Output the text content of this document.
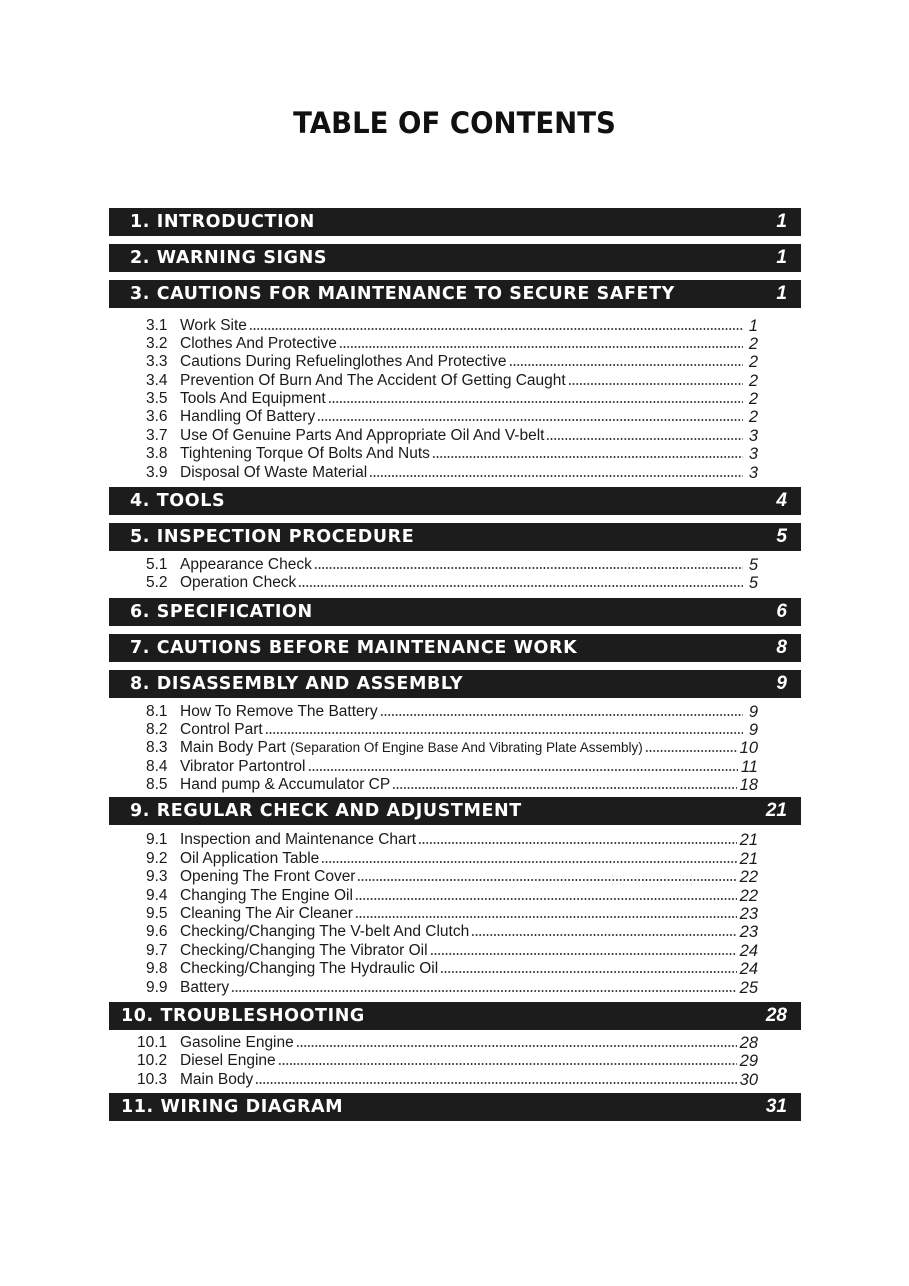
TABLE OF CONTENTS
1. INTRODUCTION	1
2. WARNING SIGNS	1
3. CAUTIONS FOR MAINTENANCE TO SECURE SAFETY	1
3.1 Work Site	1
3.2 Clothes And Protective	2
3.3 Cautions During Refuelinglothes And Protective	2
3.4 Prevention Of Burn And The Accident Of Getting Caught	2
3.5 Tools And Equipment	2
3.6 Handling Of Battery	2
3.7 Use Of Genuine Parts And Appropriate Oil And V-belt	3
3.8 Tightening Torque Of Bolts And Nuts	3
3.9 Disposal Of Waste Material	3
4. TOOLS	4
5. INSPECTION PROCEDURE	5
5.1 Appearance Check	5
5.2 Operation Check	5
6. SPECIFICATION	6
7. CAUTIONS BEFORE MAINTENANCE WORK	8
8. DISASSEMBLY AND ASSEMBLY	9
8.1 How To Remove The Battery	9
8.2 Control Part	9
8.3 Main Body Part (Separation Of Engine Base And Vibrating Plate Assembly)	10
8.4 Vibrator Partontrol	11
8.5 Hand pump & Accumulator CP	18
9. REGULAR CHECK AND ADJUSTMENT	21
9.1 Inspection and Maintenance Chart	21
9.2 Oil Application Table	21
9.3 Opening The Front Cover	22
9.4 Changing The Engine Oil	22
9.5 Cleaning The Air Cleaner	23
9.6 Checking/Changing The V-belt And Clutch	23
9.7 Checking/Changing The Vibrator Oil	24
9.8 Checking/Changing The Hydraulic Oil	24
9.9 Battery	25
10. TROUBLESHOOTING	28
10.1 Gasoline Engine	28
10.2 Diesel Engine	29
10.3 Main Body	30
11. WIRING DIAGRAM	31
